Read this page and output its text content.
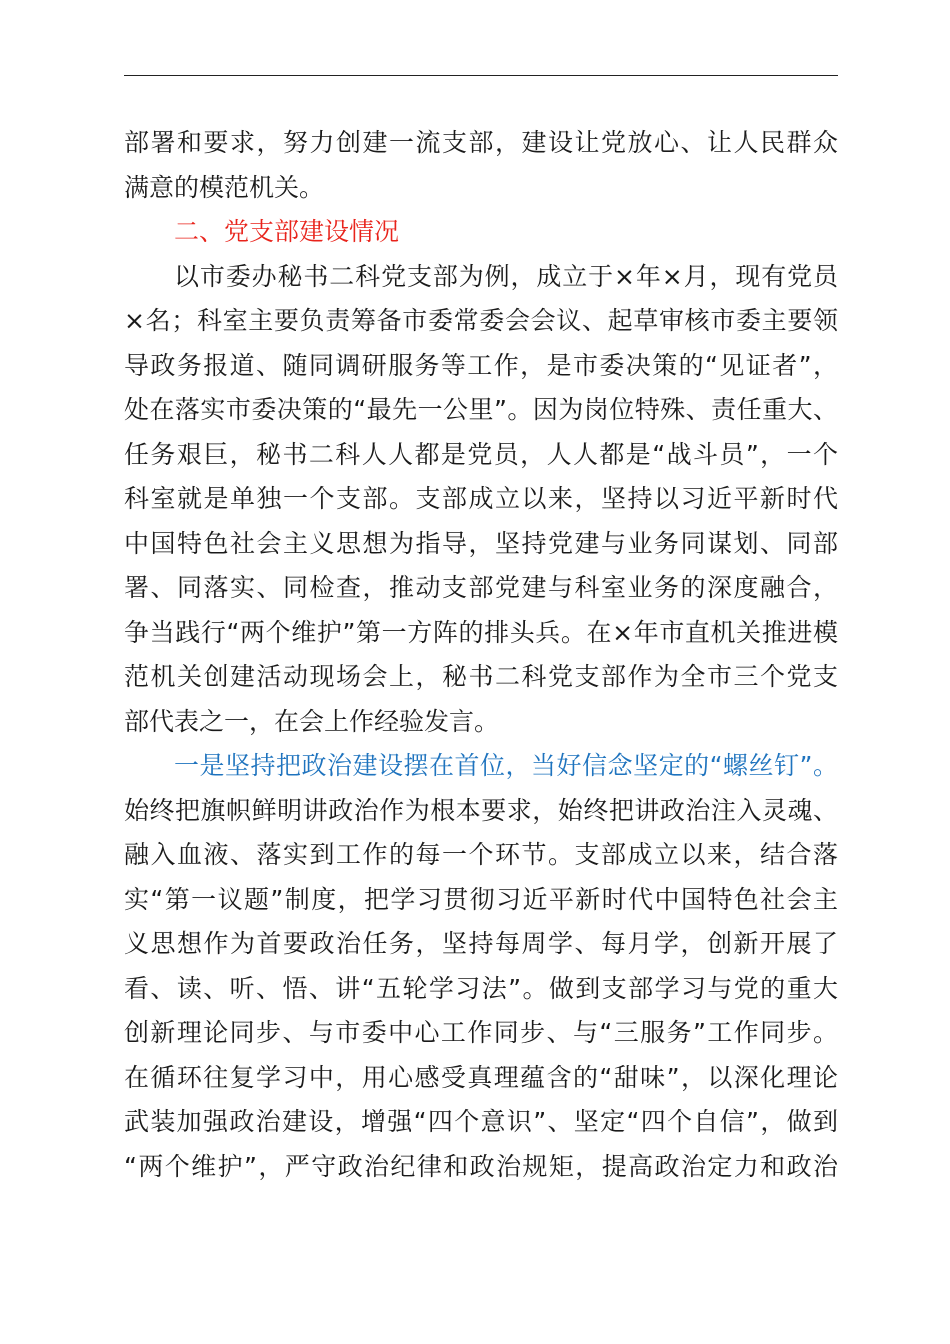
部署和要求，努力创建一流支部，建设让党放心、让人民群众
满意的模范机关。
二、党支部建设情况
以市委办秘书二科党支部为例，成立于×年×月，现有党员
×名；科室主要负责筹备市委常委会会议、起草审核市委主要领
导政务报道、随同调研服务等工作，是市委决策的“见证者”，
处在落实市委决策的“最先一公里”。因为岗位特殊、责任重大、
任务艰巨，秘书二科人人都是党员，人人都是“战斗员”，一个
科室就是单独一个支部。支部成立以来，坚持以习近平新时代
中国特色社会主义思想为指导，坚持党建与业务同谋划、同部
署、同落实、同检查，推动支部党建与科室业务的深度融合，
争当践行“两个维护”第一方阵的排头兵。在×年市直机关推进模
范机关创建活动现场会上，秘书二科党支部作为全市三个党支
部代表之一，在会上作经验发言。
一是坚持把政治建设摆在首位，当好信念坚定的“螺丝钉”。
始终把旗帜鲜明讲政治作为根本要求，始终把讲政治注入灵魂、
融入血液、落实到工作的每一个环节。支部成立以来，结合落
实“第一议题”制度，把学习贯彻习近平新时代中国特色社会主
义思想作为首要政治任务，坚持每周学、每月学，创新开展了
看、读、听、悟、讲“五轮学习法”。做到支部学习与党的重大
创新理论同步、与市委中心工作同步、与“三服务”工作同步。
在循环往复学习中，用心感受真理蕴含的“甜味”，以深化理论
武装加强政治建设，增强“四个意识”、坚定“四个自信”，做到
“两个维护”，严守政治纪律和政治规矩，提高政治定力和政治
